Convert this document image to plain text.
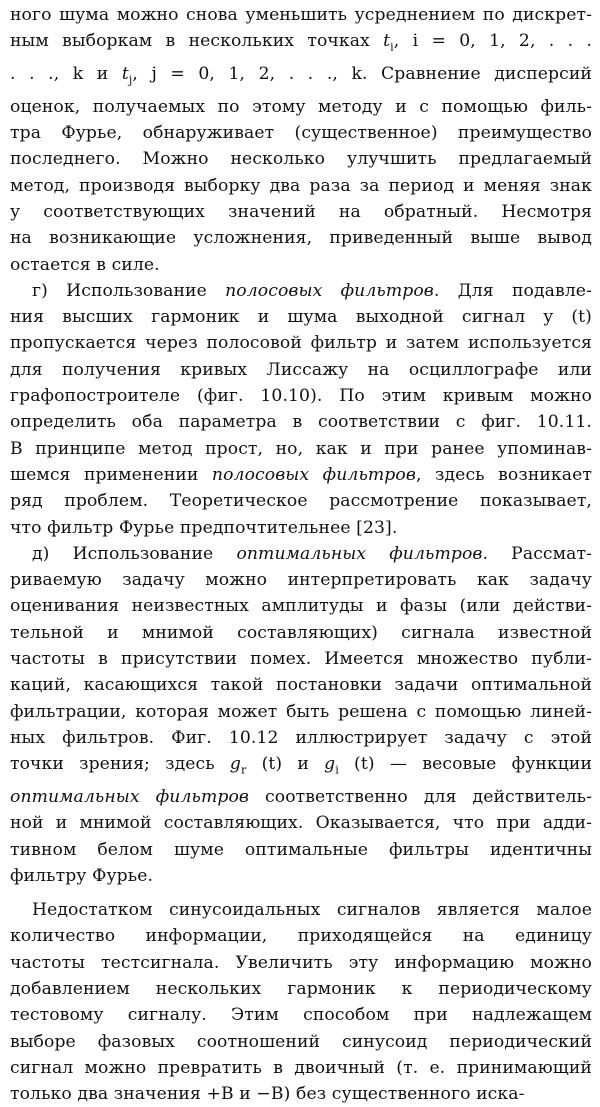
ного шума можно снова уменьшить усреднением по дискрет-
ным выборкам в нескольких точках $t_i$, i = 0, 1, 2, . . .
. . ., k и $t_j$, j = 0, 1, 2, . . ., k. Сравнение дисперсий
оценок, получаемых по этому методу и с помощью филь-
тра Фурье, обнаруживает (существенное) преимущество
последнего. Можно несколько улучшить предлагаемый
метод, производя выборку два раза за период и меняя знак
у соответствующих значений на обратный. Несмотря
на возникающие усложнения, приведенный выше вывод
остается в силе.
г) Использование полосовых фильтров. Для подавле-
ния высших гармоник и шума выходной сигнал y (t)
пропускается через полосовой фильтр и затем используется
для получения кривых Лиссажу на осциллографе или
графопостроителе (фиг. 10.10). По этим кривым можно
определить оба параметра в соответствии с фиг. 10.11.
В принципе метод прост, но, как и при ранее упоминав-
шемся применении полосовых фильтров, здесь возникает
ряд проблем. Теоретическое рассмотрение показывает,
что фильтр Фурье предпочтительнее [23].
д) Использование оптимальных фильтров. Рассмат-
риваемую задачу можно интерпретировать как задачу
оценивания неизвестных амплитуды и фазы (или действи-
тельной и мнимой составляющих) сигнала известной
частоты в присутствии помех. Имеется множество публи-
каций, касающихся такой постановки задачи оптимальной
фильтрации, которая может быть решена с помощью линей-
ных фильтров. Фиг. 10.12 иллюстрирует задачу с этой
точки зрения; здесь $g_r$ (t) и $g_i$ (t) — весовые функции
оптимальных фильтров соответственно для действитель-
ной и мнимой составляющих. Оказывается, что при адди-
тивном белом шуме оптимальные фильтры идентичны
фильтру Фурье.
Недостатком синусоидальных сигналов является малое
количество информации, приходящейся на единицу
частоты тестсигнала. Увеличить эту информацию можно
добавлением нескольких гармоник к периодическому
тестовому сигналу. Этим способом при надлежащем
выборе фазовых соотношений синусоид периодический
сигнал можно превратить в двоичный (т. е. принимающий
только два значения +B и −B) без существенного иска-
